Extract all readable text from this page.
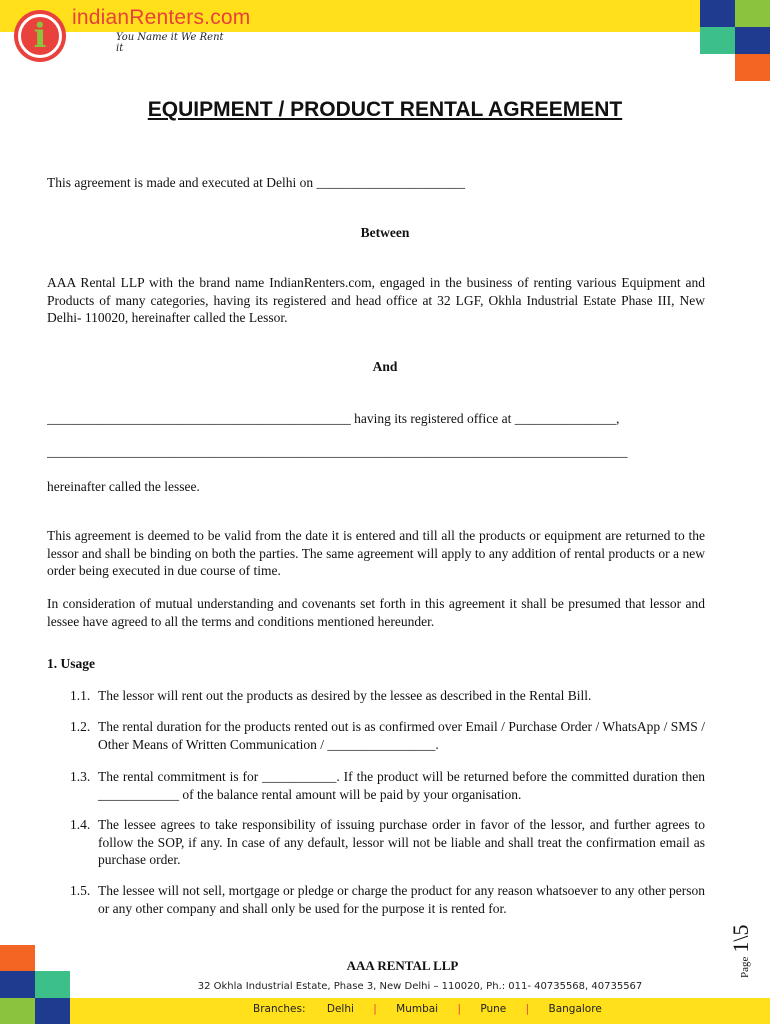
i	indianRenters.com
You Name it We Rent it
EQUIPMENT / PRODUCT RENTAL AGREEMENT
This agreement is made and executed at Delhi on ______________________
Between
AAA Rental LLP with the brand name IndianRenters.com, engaged in the business of renting various Equipment and Products of many categories, having its registered and head office at 32 LGF, Okhla Industrial Estate Phase III, New Delhi- 110020, hereinafter called the Lessor.
And
_____________________________________________ having its registered office at _______________,
______________________________________________________________________________________
hereinafter called the lessee.
This agreement is deemed to be valid from the date it is entered and till all the products or equipment are returned to the lessor and shall be binding on both the parties. The same agreement will apply to any addition of rental products or a new order being executed in due course of time.
In consideration of mutual understanding and covenants set forth in this agreement it shall be presumed that lessor and lessee have agreed to all the terms and conditions mentioned hereunder.
1. Usage
1.1. The lessor will rent out the products as desired by the lessee as described in the Rental Bill.
1.2. The rental duration for the products rented out is as confirmed over Email / Purchase Order / WhatsApp / SMS / Other Means of Written Communication / ________________.
1.3. The rental commitment is for ___________. If the product will be returned before the committed duration then ____________ of the balance rental amount will be paid by your organisation.
1.4. The lessee agrees to take responsibility of issuing purchase order in favor of the lessor, and further agrees to follow the SOP, if any. In case of any default, lessor will not be liable and shall treat the confirmation email as purchase order.
1.5. The lessee will not sell, mortgage or pledge or charge the product for any reason whatsoever to any other person or any other company and shall only be used for the purpose it is rented for.
Page 1\5
AAA RENTAL LLP
32 Okhla Industrial Estate, Phase 3, New Delhi – 110020, Ph.: 011- 40735568, 40735567
Branches: Delhi | Mumbai | Pune | Bangalore
